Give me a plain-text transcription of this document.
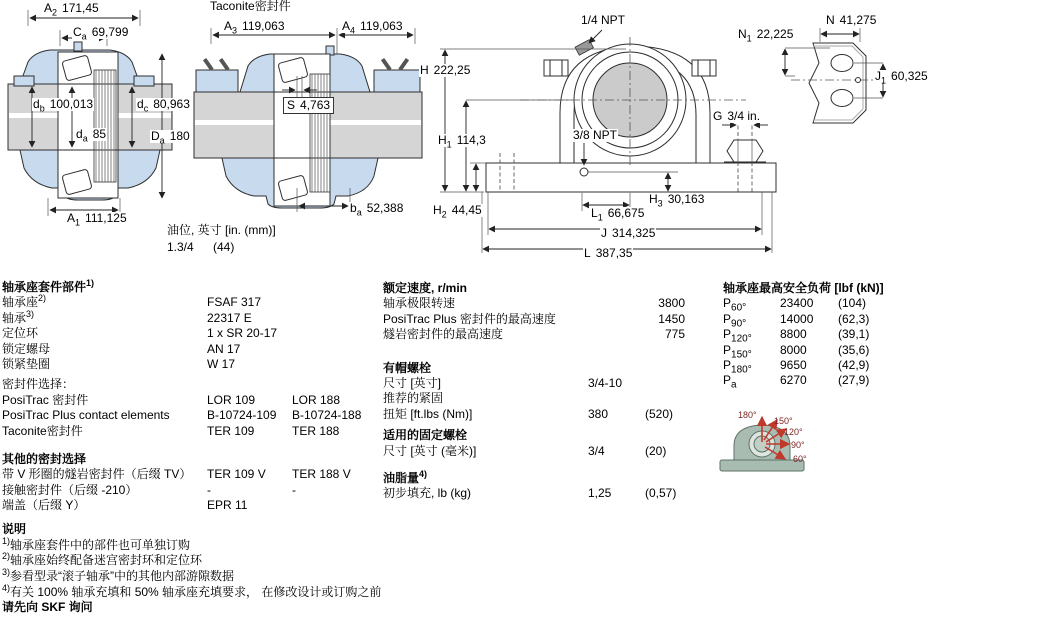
$A_2$ 171,45
$C_a$ 69,799
$d_b$ 100,013	$d_c$ 80,963
$d_a$ 85	$D_a$ 180
$A_1$ 111,125
Taconite密封件
$A_3$ 119,063	$A_4$ 119,063
S 4,763
$b_a$ 52,388
油位, 英寸 [in. (mm)]
1.3/4 (44)
1/4 NPT
H 222,25
$H_1$ 114,3	3/8 NPT
$H_2$ 44,45
$H_3$ 30,163
$L_1$ 66,675
J 314,325
L 387,35
G 3/4 in.
N 41,275
$N_1$ 22,225
$J_1$ 60,325
180°
150°
120°
90°
60°
轴承座套件部件$^{1)}$
轴承座$^{2)}$	FSAF 317
轴承$^{3)}$	22317 E
定位环	1 x SR 20-17
锁定螺母	AN 17
锁紧垫圈	W 17
密封件选择：
PosiTrac 密封件	LOR 109	LOR 188
PosiTrac Plus contact elements	B-10724-109	B-10724-188
Taconite密封件	TER 109	TER 188
其他的密封选择
带 V 形圈的燧岩密封件（后缀 TV）	TER 109 V	TER 188 V
接触密封件（后缀 -210）	-	-
端盖（后缀 Y）	EPR 11
说明
$^{1)}$轴承座套件中的部件也可单独订购
$^{2)}$轴承座始终配备迷宫密封环和定位环
$^{3)}$参看型录“滚子轴承”中的其他内部游隙数据
$^{4)}$有关 100% 轴承充填和 50% 轴承座充填要求， 在修改设计或订购之前
请先向 SKF 询问
额定速度, r/min
轴承极限转速	3800
PosiTrac Plus 密封件的最高速度	1450
燧岩密封件的最高速度	775
有帽螺栓
尺寸 [英寸]	3/4-10
推荐的紧固
扭矩 [ft.lbs (Nm)]	380	(520)
适用的固定螺栓
尺寸 [英寸 (毫米)]	3/4	(20)
油脂量$^{4)}$
初步填充, lb (kg)	1,25	(0,57)
轴承座最高安全负荷 [lbf (kN)]
$P_{60^\circ}$	23400	(104)
$P_{90^\circ}$	14000	(62,3)
$P_{120^\circ}$	8800	(39,1)
$P_{150^\circ}$	8000	(35,6)
$P_{180^\circ}$	9650	(42,9)
$P_a$	6270	(27,9)
